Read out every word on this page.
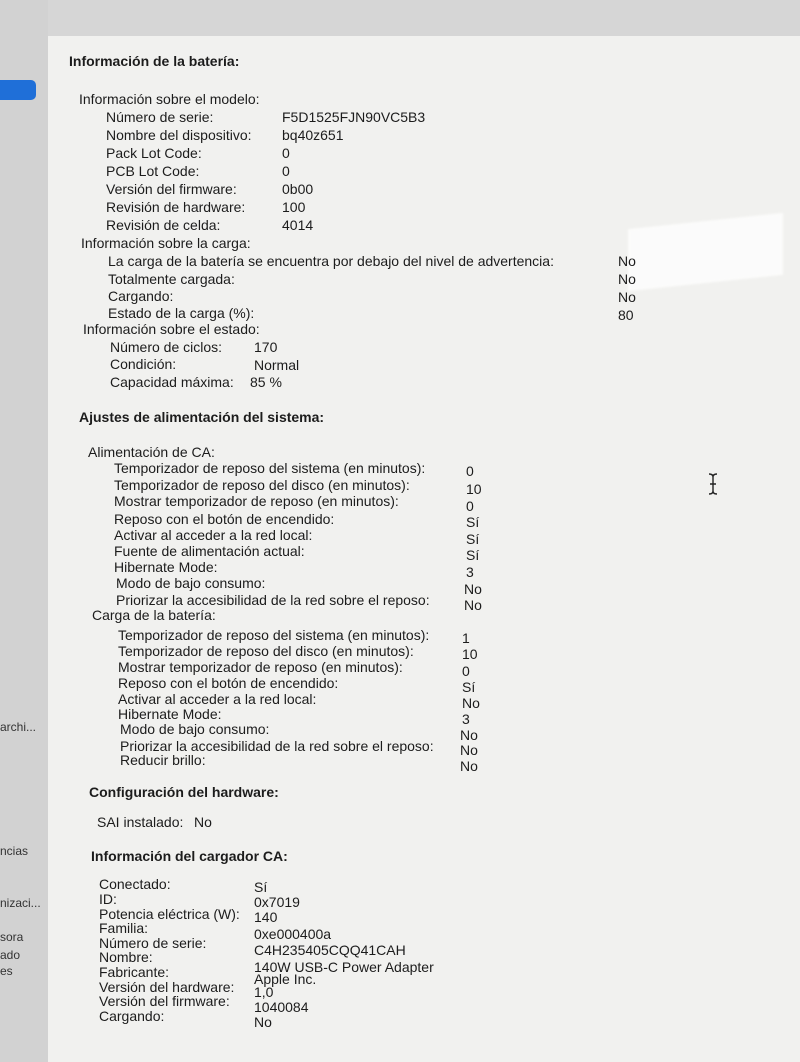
archi...
ncias
nizaci...
sora
ado
es
Información de la batería:
Información sobre el modelo:
Número de serie:	F5D1525FJN90VC5B3
Nombre del dispositivo: bq40z651
Pack Lot Code:	0
PCB Lot Code:	0
Versión del firmware:	0b00
Revisión de hardware:	100
Revisión de celda:	4014
Información sobre la carga:
La carga de la batería se encuentra por debajo del nivel de advertencia:	No
Totalmente cargada:	No
Cargando:	No
Estado de la carga (%):	80
Información sobre el estado:
Número de ciclos: 170
Condición:	Normal
Capacidad máxima: 85 %
Ajustes de alimentación del sistema:
Alimentación de CA:
Temporizador de reposo del sistema (en minutos):	0
Temporizador de reposo del disco (en minutos):	10
Mostrar temporizador de reposo (en minutos):	0
Reposo con el botón de encendido:	Sí
Activar al acceder a la red local:	Sí
Fuente de alimentación actual:	Sí
Hibernate Mode:	3
Modo de bajo consumo:	No
Priorizar la accesibilidad de la red sobre el reposo: No
Carga de la batería:
Temporizador de reposo del sistema (en minutos): 1
Temporizador de reposo del disco (en minutos):	10
Mostrar temporizador de reposo (en minutos):	0
Reposo con el botón de encendido:	Sí
Activar al acceder a la red local:	No
Hibernate Mode:	3
Modo de bajo consumo:	No
Priorizar la accesibilidad de la red sobre el reposo: No
Reducir brillo:	No
Configuración del hardware:
SAI instalado: No
Información del cargador CA:
Conectado:	Sí
ID:	0x7019
Potencia eléctrica (W): 140
Familia:	0xe000400a
Número de serie:	C4H235405CQQ41CAH
Nombre:
140W USB-C Power Adapter
Fabricante:	Apple Inc.
Versión del hardware: 1,0
Versión del firmware: 1040084
Cargando:	No
